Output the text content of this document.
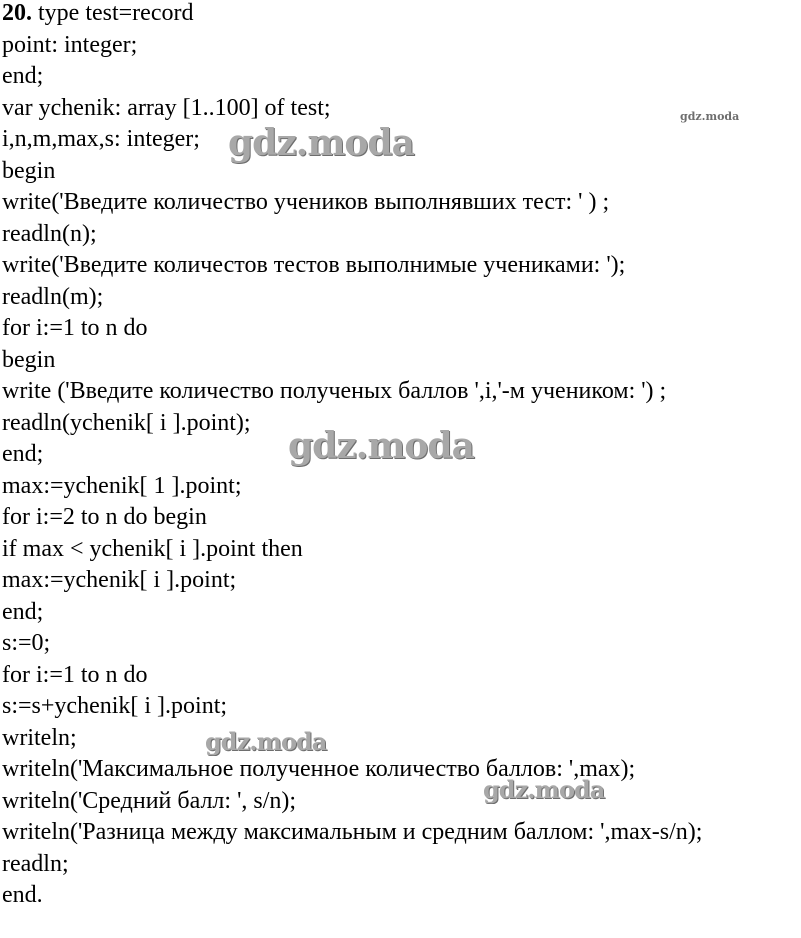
20. type test=record
point: integer;
end;
var ychenik: array [1..100] of test;
i,n,m,max,s: integer;
begin
write('Введите количество учеников выполнявших тест: ' ) ;
readln(n);
write('Введите количестов тестов выполнимые учениками: ');
readln(m);
for i:=1 to n do
begin
write ('Введите количество полученых баллов ',i,'-м учеником: ') ;
readln(ychenik[ i ].point);
end;
max:=ychenik[ 1 ].point;
for i:=2 to n do begin
if max < ychenik[ i ].point then
max:=ychenik[ i ].point;
end;
s:=0;
for i:=1 to n do
s:=s+ychenik[ i ].point;
writeln;
writeln('Максимальное полученное количество баллов: ',max);
writeln('Средний балл: ', s/n);
writeln('Разница между максимальным и средним баллом: ',max-s/n);
readln;
end.
gdz.moda
gdz.moda
gdz.moda
gdz.moda
gdz.moda
